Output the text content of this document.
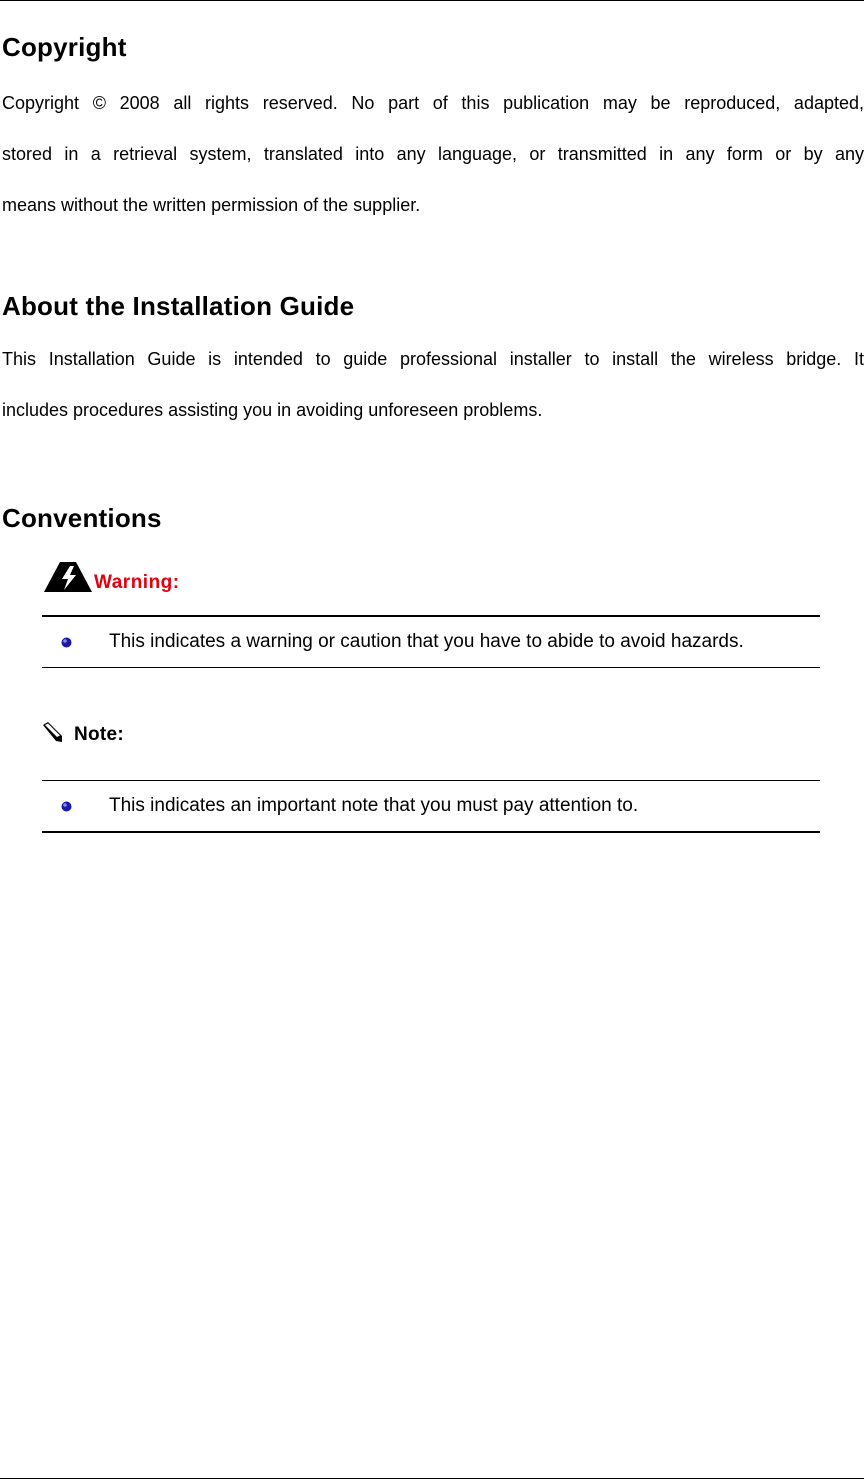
Copyright

Copyright © 2008 all rights reserved. No part of this publication may be reproduced, adapted,
stored in a retrieval system, translated into any language, or transmitted in any form or by any
means without the written permission of the supplier.

About the Installation Guide

This Installation Guide is intended to guide professional installer to install the wireless bridge. It
includes procedures assisting you in avoiding unforeseen problems.

Conventions
Warning:
This indicates a warning or caution that you have to abide to avoid hazards.
Note:
This indicates an important note that you must pay attention to.
